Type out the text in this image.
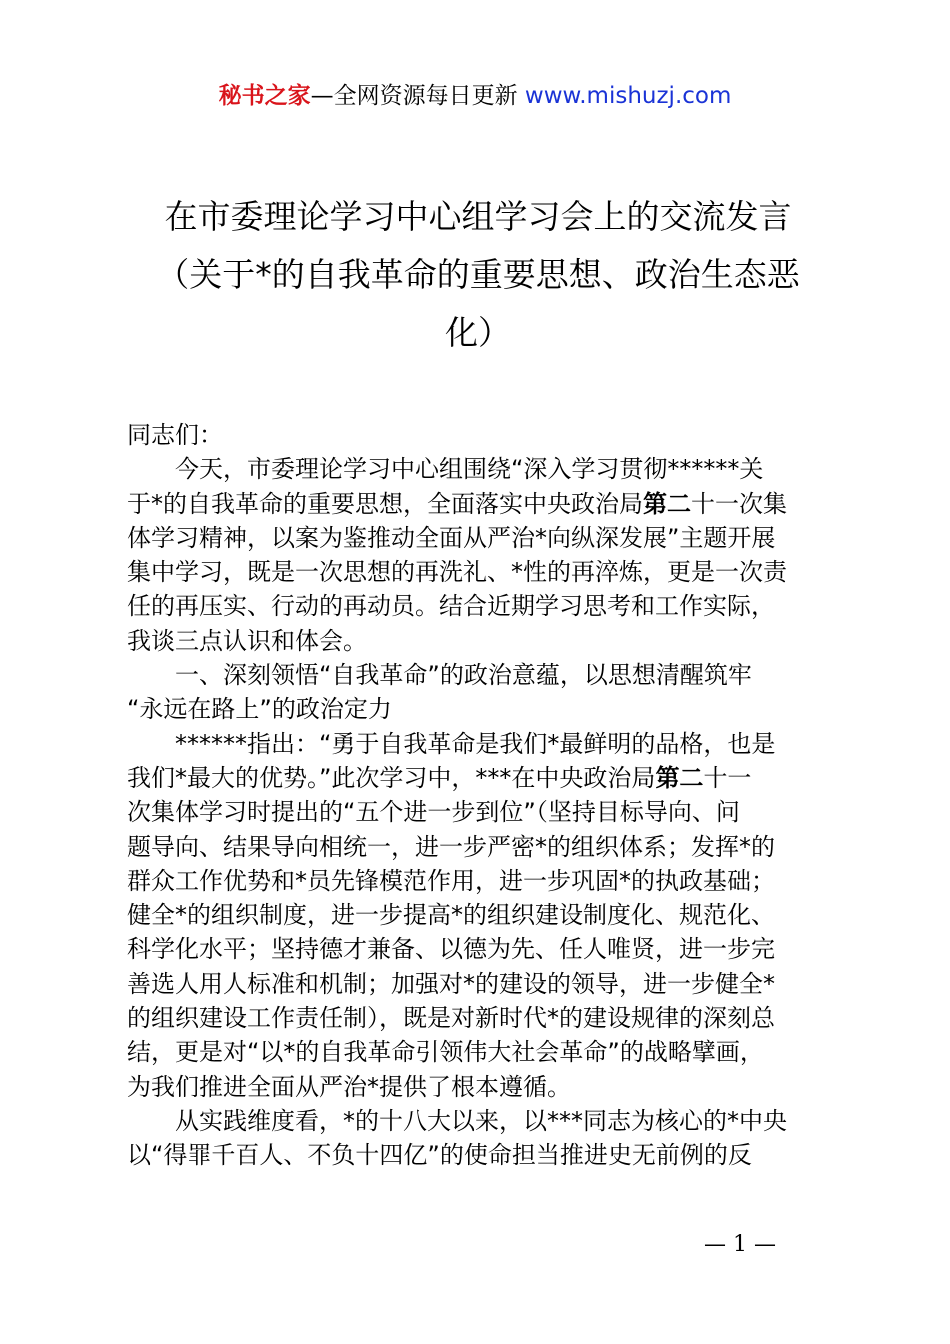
秘书之家—全网资源每日更新 www.mishuzj.com
在市委理论学习中心组学习会上的交流发言
（关于*的自我革命的重要思想、政治生态恶
化）
同志们：
今天，市委理论学习中心组围绕“深入学习贯彻******关
于*的自我革命的重要思想，全面落实中央政治局第二十一次集
体学习精神，以案为鉴推动全面从严治*向纵深发展”主题开展
集中学习，既是一次思想的再洗礼、*性的再淬炼，更是一次责
任的再压实、行动的再动员。结合近期学习思考和工作实际，
我谈三点认识和体会。
一、深刻领悟“自我革命”的政治意蕴，以思想清醒筑牢
“永远在路上”的政治定力
******指出：“勇于自我革命是我们*最鲜明的品格，也是
我们*最大的优势。”此次学习中，***在中央政治局第二十一
次集体学习时提出的“五个进一步到位”（坚持目标导向、问
题导向、结果导向相统一，进一步严密*的组织体系；发挥*的
群众工作优势和*员先锋模范作用，进一步巩固*的执政基础；
健全*的组织制度，进一步提高*的组织建设制度化、规范化、
科学化水平；坚持德才兼备、以德为先、任人唯贤，进一步完
善选人用人标准和机制；加强对*的建设的领导，进一步健全*
的组织建设工作责任制），既是对新时代*的建设规律的深刻总
结，更是对“以*的自我革命引领伟大社会革命”的战略擘画，
为我们推进全面从严治*提供了根本遵循。
从实践维度看，*的十八大以来，以***同志为核心的*中央
以“得罪千百人、不负十四亿”的使命担当推进史无前例的反
— 1 —
